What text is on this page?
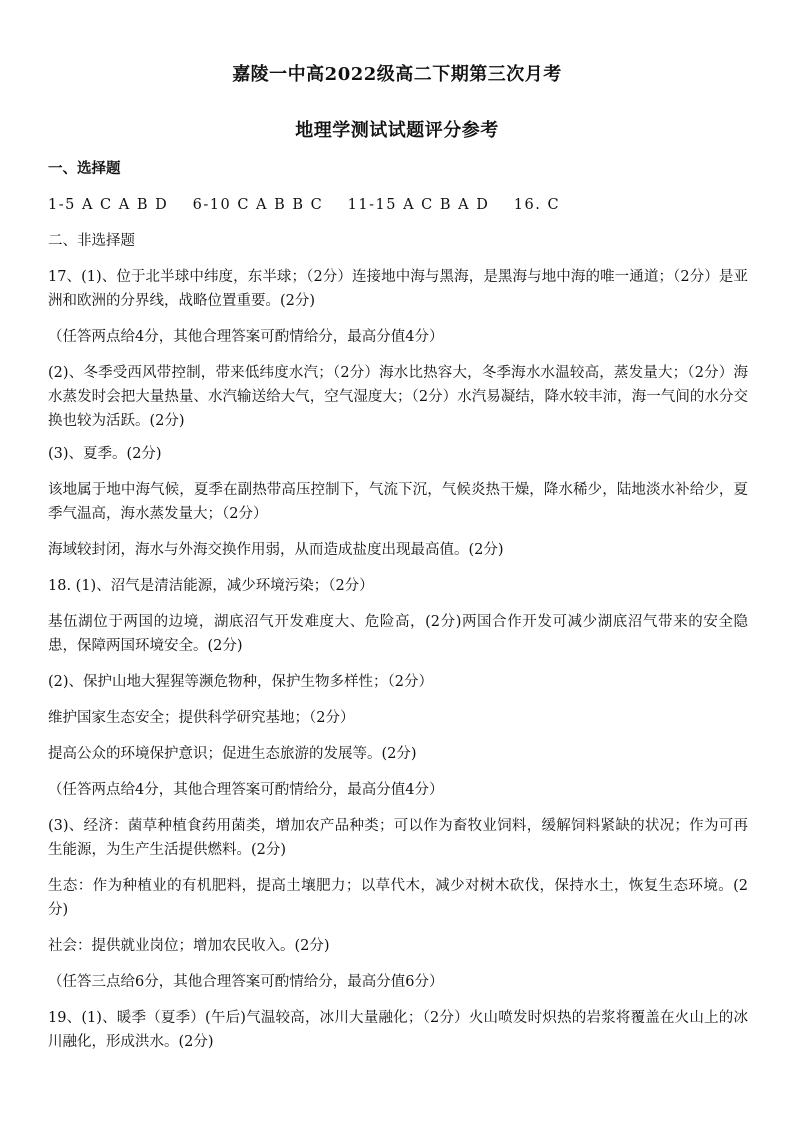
嘉陵一中高2022级高二下期第三次月考
地理学测试试题评分参考
一、选择题
1-5 A C A B D    6-10 C A B B C    11-15 A C B A D    16. C
二、非选择题
17、(1)、位于北半球中纬度，东半球；（2分）连接地中海与黑海，是黑海与地中海的唯一通道；（2分）是亚洲和欧洲的分界线，战略位置重要。(2分)
（任答两点给4分，其他合理答案可酌情给分，最高分值4分）
(2)、冬季受西风带控制，带来低纬度水汽；（2分）海水比热容大，冬季海水水温较高，蒸发量大；（2分）海水蒸发时会把大量热量、水汽输送给大气，空气湿度大；（2分）水汽易凝结，降水较丰沛，海一气间的水分交换也较为活跃。(2分)
(3)、夏季。(2分)
该地属于地中海气候，夏季在副热带高压控制下，气流下沉，气候炎热干燥，降水稀少，陆地淡水补给少，夏季气温高，海水蒸发量大；（2分）
海域较封闭，海水与外海交换作用弱，从而造成盐度出现最高值。(2分)
18. (1)、沼气是清洁能源，减少环境污染；（2分）
基伍湖位于两国的边境，湖底沼气开发难度大、危险高，(2分)两国合作开发可减少湖底沼气带来的安全隐患，保障两国环境安全。(2分)
(2)、保护山地大猩猩等濒危物种，保护生物多样性；（2分）
维护国家生态安全；提供科学研究基地；（2分）
提高公众的环境保护意识；促进生态旅游的发展等。(2分)
（任答两点给4分，其他合理答案可酌情给分，最高分值4分）
(3)、经济：菌草种植食药用菌类，增加农产品种类；可以作为畜牧业饲料，缓解饲料紧缺的状况；作为可再生能源，为生产生活提供燃料。(2分)
生态：作为种植业的有机肥料，提高土壤肥力；以草代木，减少对树木砍伐，保持水土，恢复生态环境。(2分)
社会：提供就业岗位；增加农民收入。(2分)
（任答三点给6分，其他合理答案可酌情给分，最高分值6分）
19、(1)、暖季（夏季）(午后)气温较高，冰川大量融化；（2分）火山喷发时炽热的岩浆将覆盖在火山上的冰川融化，形成洪水。(2分)
